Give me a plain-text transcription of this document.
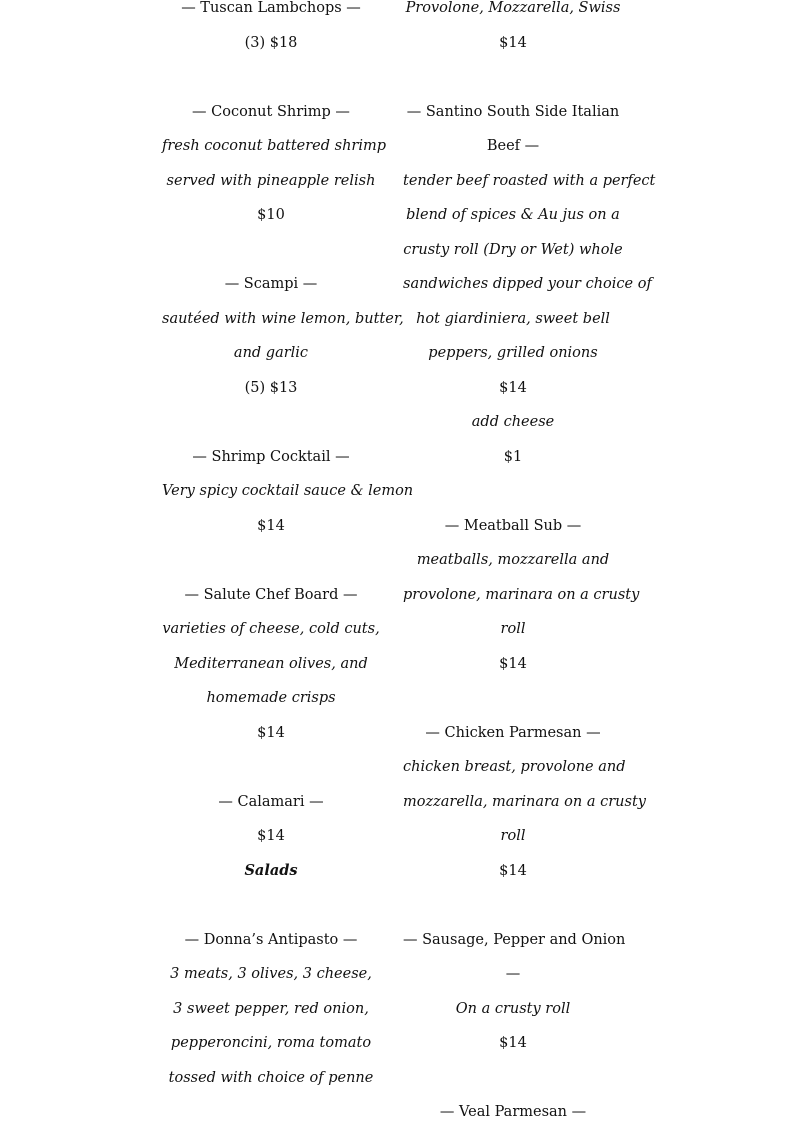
— Tuscan Lambchops —
(3) $18
— Coconut Shrimp —
fresh coconut battered shrimp
served with pineapple relish
$10
— Scampi —
sautéed with wine lemon, butter,
and garlic
(5) $13
— Shrimp Cocktail —
Very spicy cocktail sauce & lemon
$14
— Salute Chef Board —
varieties of cheese, cold cuts,
Mediterranean olives, and
homemade crisps
$14
— Calamari —
$14
Salads
— Donna’s Antipasto —
3 meats, 3 olives, 3 cheese,
3 sweet pepper, red onion,
pepperoncini, roma tomato
tossed with choice of penne
Provolone, Mozzarella, Swiss
$14
— Santino South Side Italian
Beef —
tender beef roasted with a perfect
blend of spices & Au jus on a
crusty roll (Dry or Wet) whole
sandwiches dipped your choice of
hot giardiniera, sweet bell
peppers, grilled onions
$14
add cheese
$1
— Meatball Sub —
meatballs, mozzarella and
provolone, marinara on a crusty
roll
$14
— Chicken Parmesan —
chicken breast, provolone and
mozzarella, marinara on a crusty
roll
$14
— Sausage, Pepper and Onion
—
On a crusty roll
$14
— Veal Parmesan —
